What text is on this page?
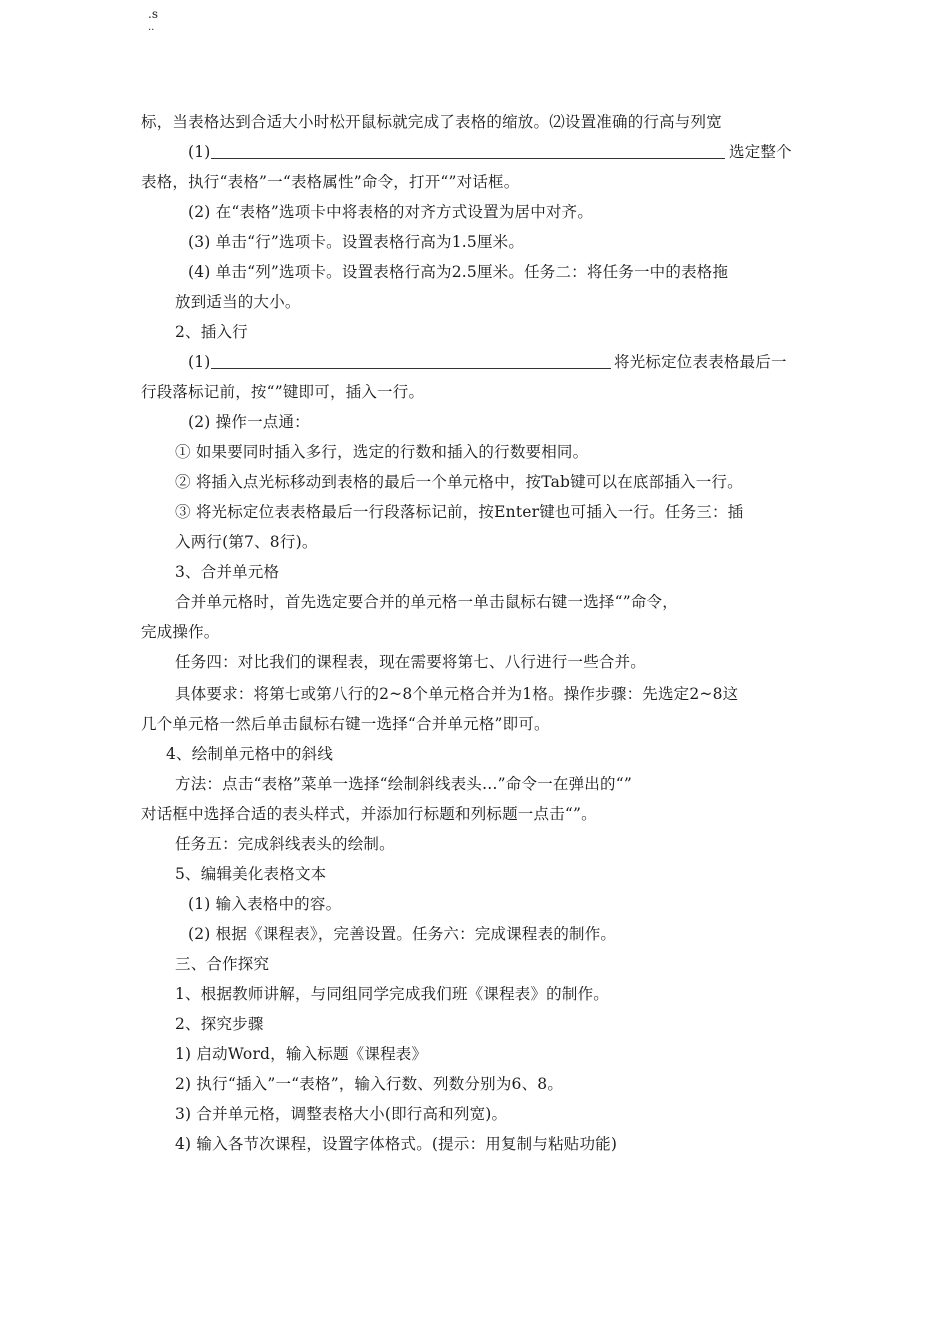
.s
..
标，当表格达到合适大小时松开鼠标就完成了表格的缩放。⑵设置准确的行高与列宽
(1)	选定整个
表格，执行“表格”一“表格属性”命令，打开“”对话框。
(2) 在“表格”选项卡中将表格的对齐方式设置为居中对齐。
(3) 单击“行”选项卡。设置表格行高为1.5厘米。
(4) 单击“列”选项卡。设置表格行高为2.5厘米。任务二：将任务一中的表格拖
放到适当的大小。
2、插入行
(1)	将光标定位表表格最后一
行段落标记前，按“”键即可，插入一行。
(2) 操作一点通：
① 如果要同时插入多行，选定的行数和插入的行数要相同。
② 将插入点光标移动到表格的最后一个单元格中，按Tab键可以在底部插入一行。
③ 将光标定位表表格最后一行段落标记前，按Enter键也可插入一行。任务三：插
入两行(第7、8行)。
3、合并单元格
合并单元格时，首先选定要合并的单元格一单击鼠标右键一选择“”命令，
完成操作。
任务四：对比我们的课程表，现在需要将第七、八行进行一些合并。
具体要求：将第七或第八行的2~8个单元格合并为1格。操作步骤：先选定2~8这
几个单元格一然后单击鼠标右键一选择“合并单元格”即可。
4、绘制单元格中的斜线
方法：点击“表格”菜单一选择“绘制斜线表头…”命令一在弹出的“”
对话框中选择合适的表头样式，并添加行标题和列标题一点击“”。
任务五：完成斜线表头的绘制。
5、编辑美化表格文本
(1) 输入表格中的容。
(2) 根据《课程表》，完善设置。任务六：完成课程表的制作。
三、合作探究
1、根据教师讲解，与同组同学完成我们班《课程表》的制作。
2、探究步骤
1) 启动Word，输入标题《课程表》
2) 执行“插入”一“表格”，输入行数、列数分别为6、8。
3) 合并单元格，调整表格大小(即行高和列宽)。
4) 输入各节次课程，设置字体格式。(提示：用复制与粘贴功能)
